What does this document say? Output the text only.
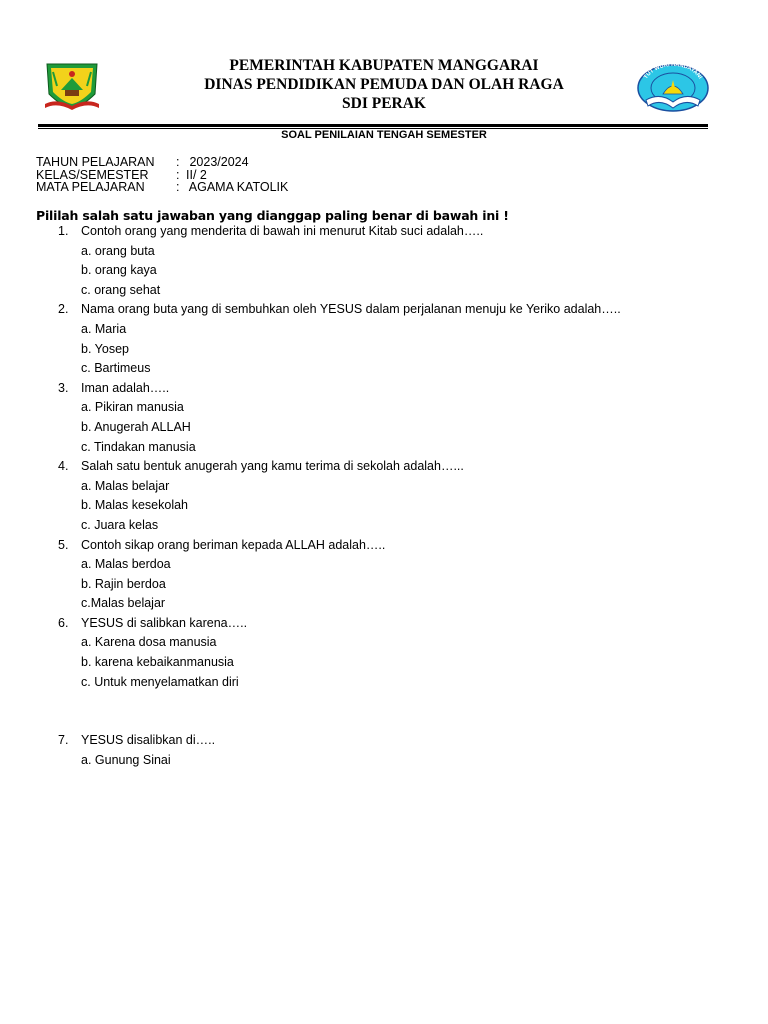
PEMERINTAH KABUPATEN MANGGARAI
DINAS PENDIDIKAN PEMUDA DAN OLAH RAGA
SDI PERAK
TUT WURI HANDAYANI
SOAL PENILAIAN TENGAH SEMESTER
TAHUN PELAJARAN : 2023/2024
KELAS/SEMESTER : II/ 2
MATA PELAJARAN	: AGAMA KATOLIK
Pililah salah satu jawaban yang dianggap paling benar di bawah ini !
1. Contoh orang yang menderita di bawah ini menurut Kitab suci adalah…..
a. orang buta
b. orang kaya
c. orang sehat
2. Nama orang buta yang di sembuhkan oleh YESUS dalam perjalanan menuju ke Yeriko adalah…..
a. Maria
b. Yosep
c. Bartimeus
3. Iman adalah…..
a. Pikiran manusia
b. Anugerah ALLAH
c. Tindakan manusia
4. Salah satu bentuk anugerah yang kamu terima di sekolah adalah…...
a. Malas belajar
b. Malas kesekolah
c. Juara kelas
5. Contoh sikap orang beriman kepada ALLAH adalah…..
a. Malas berdoa
b. Rajin berdoa
c.Malas belajar
6. YESUS di salibkan karena…..
a. Karena dosa manusia
b. karena kebaikanmanusia
c. Untuk menyelamatkan diri
7. YESUS disalibkan di…..
a. Gunung Sinai
